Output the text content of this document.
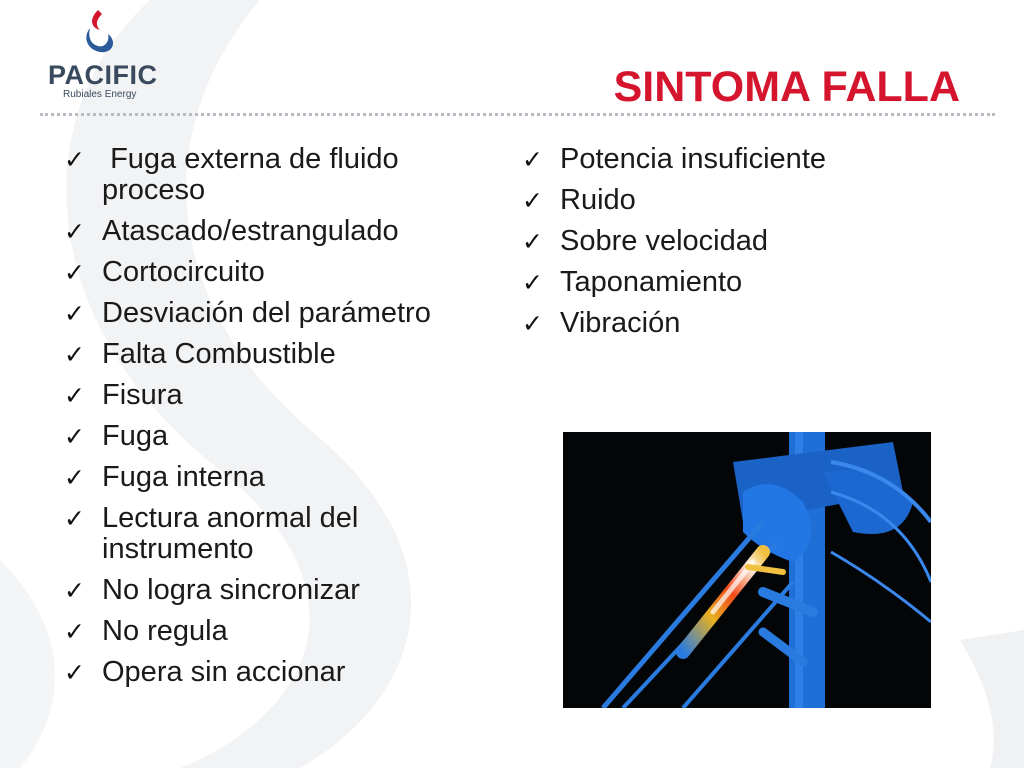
PACIFIC
Rubiales Energy	SINTOMA FALLA
✓ Fuga externa de fluido proceso
✓ Atascado/estrangulado
✓ Cortocircuito
✓ Desviación del parámetro
✓ Falta Combustible
✓ Fisura
✓ Fuga
✓ Fuga interna
✓ Lectura anormal del instrumento
✓ No logra sincronizar
✓ No regula
✓ Opera sin accionar
✓ Potencia insuficiente
✓ Ruido
✓ Sobre velocidad
✓ Taponamiento
✓ Vibración
